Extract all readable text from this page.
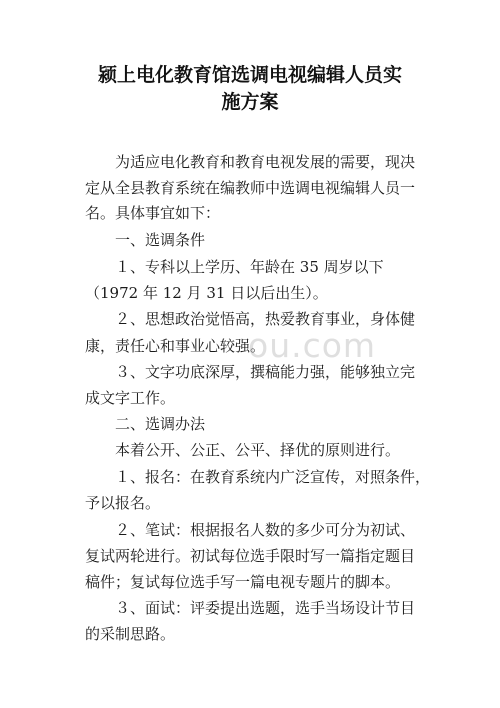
颍上电化教育馆选调电视编辑人员实
施方案
为适应电化教育和教育电视发展的需要，现决
定从全县教育系统在编教师中选调电视编辑人员一
名。具体事宜如下：
一、选调条件
１、专科以上学历、年龄在 35 周岁以下
（1972 年 12 月 31 日以后出生）。
２、思想政治觉悟高，热爱教育事业，身体健
康，责任心和事业心较强。
３、文字功底深厚，撰稿能力强，能够独立完
成文字工作。
二、选调办法
本着公开、公正、公平、择优的原则进行。
１、报名：在教育系统内广泛宣传，对照条件，
予以报名。
２、笔试：根据报名人数的多少可分为初试、
复试两轮进行。初试每位选手限时写一篇指定题目
稿件；复试每位选手写一篇电视专题片的脚本。
３、面试：评委提出选题，选手当场设计节目
的采制思路。
ou.com
